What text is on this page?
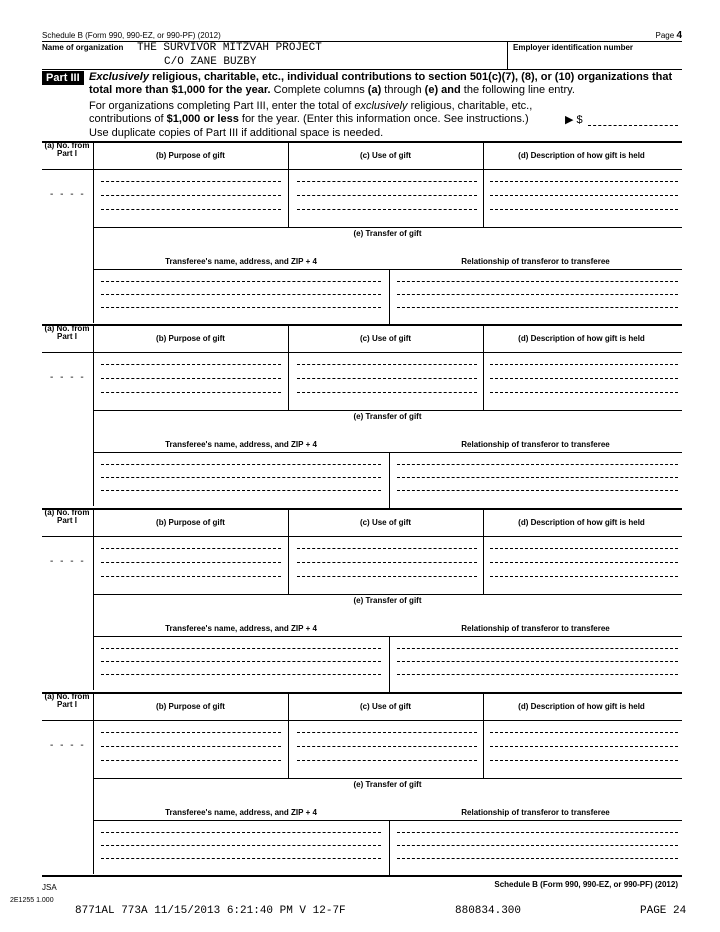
Schedule B (Form 990, 990-EZ, or 990-PF) (2012)	Page 4
Name of organization THE SURVIVOR MITZVAH PROJECT
C/O ZANE BUZBY
Employer identification number
Part III Exclusively religious, charitable, etc., individual contributions to section 501(c)(7), (8), or (10) organizations that total more than $1,000 for the year. Complete columns (a) through (e) and the following line entry.
For organizations completing Part III, enter the total of exclusively religious, charitable, etc.,
contributions of $1,000 or less for the year. (Enter this information once. See instructions.)	▶ $
Use duplicate copies of Part III if additional space is needed.
(a) No. from Part I	(b) Purpose of gift	(c) Use of gift	(d) Description of how gift is held
- - - -
(e) Transfer of gift
Transferee's name, address, and ZIP + 4	Relationship of transferor to transferee
(a) No. from Part I	(b) Purpose of gift	(c) Use of gift	(d) Description of how gift is held
- - - -
(e) Transfer of gift
Transferee's name, address, and ZIP + 4	Relationship of transferor to transferee
(a) No. from Part I	(b) Purpose of gift	(c) Use of gift	(d) Description of how gift is held
- - - -
(e) Transfer of gift
Transferee's name, address, and ZIP + 4	Relationship of transferor to transferee
(a) No. from Part I	(b) Purpose of gift	(c) Use of gift	(d) Description of how gift is held
- - - -
(e) Transfer of gift
Transferee's name, address, and ZIP + 4	Relationship of transferor to transferee
JSA	Schedule B (Form 990, 990-EZ, or 990-PF) (2012)
2E1255 1.000
8771AL 773A 11/15/2013 6:21:40 PM V 12-7F	880834.300	PAGE 24
